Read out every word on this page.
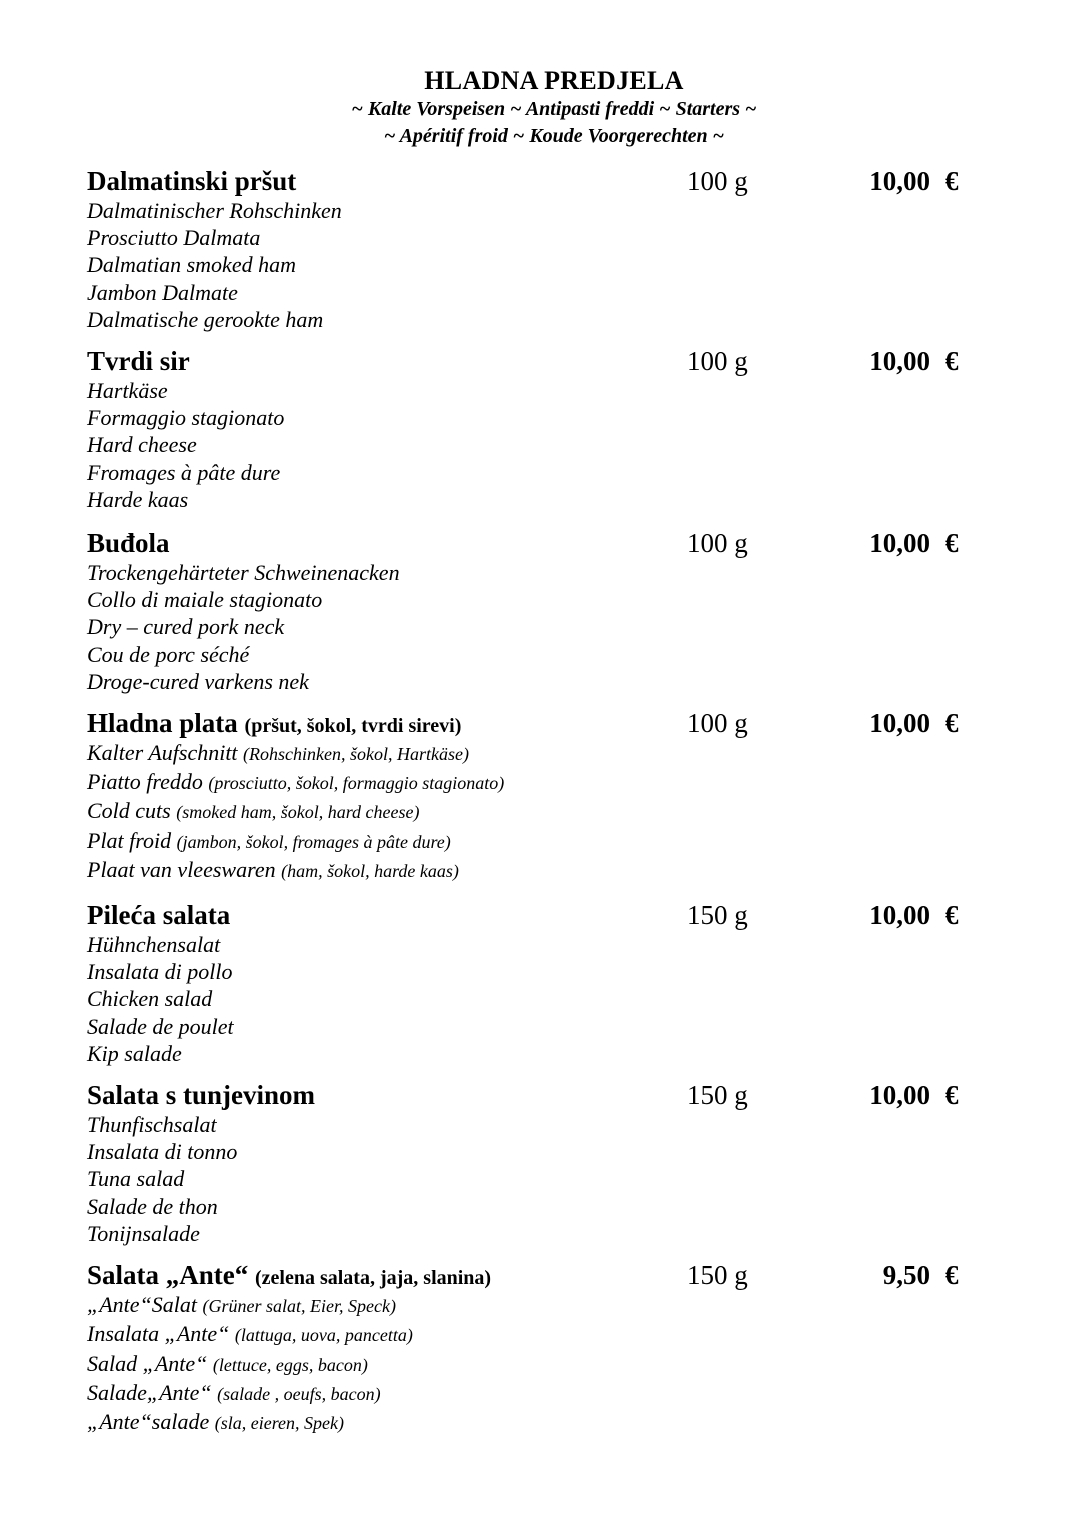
HLADNA PREDJELA
~ Kalte Vorspeisen ~ Antipasti freddi ~ Starters ~
~ Apéritif froid ~ Koude Voorgerechten ~
Dalmatinski pršut	100 g	10,00 €
Dalmatinischer Rohschinken
Prosciutto Dalmata
Dalmatian smoked ham
Jambon Dalmate
Dalmatische gerookte ham
Tvrdi sir	100 g	10,00 €
Hartkäse
Formaggio stagionato
Hard cheese
Fromages à pâte dure
Harde kaas
Buđola	100 g	10,00 €
Trockengehärteter Schweinenacken
Collo di maiale stagionato
Dry – cured pork neck
Cou de porc séché
Droge-cured varkens nek
Hladna plata (pršut, šokol, tvrdi sirevi)	100 g	10,00 €
Kalter Aufschnitt (Rohschinken, šokol, Hartkäse)
Piatto freddo (prosciutto, šokol, formaggio stagionato)
Cold cuts (smoked ham, šokol, hard cheese)
Plat froid (jambon, šokol, fromages à pâte dure)
Plaat van vleeswaren (ham, šokol, harde kaas)
Pileća salata	150 g	10,00 €
Hühnchensalat
Insalata di pollo
Chicken salad
Salade de poulet
Kip salade
Salata s tunjevinom	150 g	10,00 €
Thunfischsalat
Insalata di tonno
Tuna salad
Salade de thon
Tonijnsalade
Salata „Ante“ (zelena salata, jaja, slanina)	150 g	9,50 €
„Ante“Salat (Grüner salat, Eier, Speck)
Insalata „Ante“ (lattuga, uova, pancetta)
Salad „Ante“ (lettuce, eggs, bacon)
Salade„Ante“ (salade , oeufs, bacon)
„Ante“salade (sla, eieren, Spek)
